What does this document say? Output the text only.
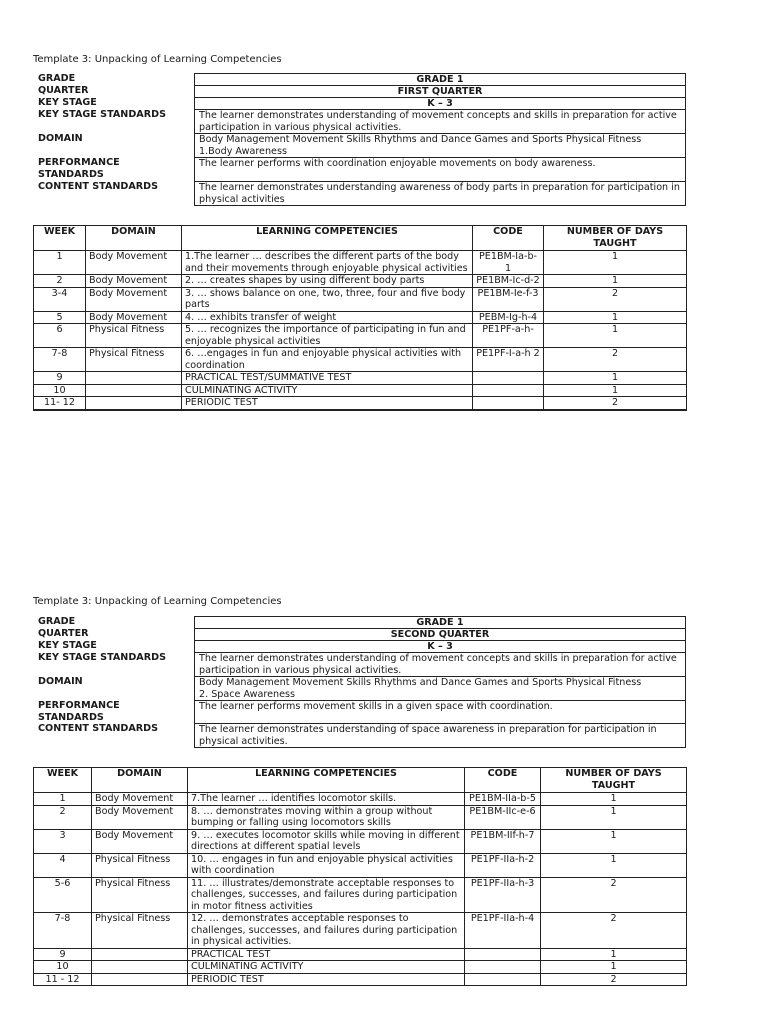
Template 3: Unpacking of Learning Competencies
GRADE	GRADE 1
QUARTER	FIRST QUARTER
KEY STAGE	K – 3
KEY STAGE STANDARDS	The learner demonstrates understanding of movement concepts and skills in preparation for active participation in various physical activities.
DOMAIN	Body Management Movement Skills Rhythms and Dance Games and Sports Physical Fitness
1.Body Awareness
PERFORMANCE
STANDARDS
The learner performs with coordination enjoyable movements on body awareness.
CONTENT STANDARDS	The learner demonstrates understanding awareness of body parts in preparation for participation in physical activities
WEEK	DOMAIN	LEARNING COMPETENCIES	CODE	NUMBER OF DAYS TAUGHT
1	Body Movement	1.The learner … describes the different parts of the body and their movements through enjoyable physical activities	PE1BM-Ia-b-1	1
2	Body Movement	2. … creates shapes by using different body parts	PE1BM-Ic-d-2	1
3-4	Body Movement	3. … shows balance on one, two, three, four and five body parts	PE1BM-Ie-f-3	2
5	Body Movement	4. … exhibits transfer of weight	PEBM-Ig-h-4	1
6	Physical Fitness	5. … recognizes the importance of participating in fun and enjoyable physical activities	PE1PF-a-h-	1
7-8	Physical Fitness	6. …engages in fun and enjoyable physical activities with coordination	PE1PF-I-a-h 2	2
9		PRACTICAL TEST/SUMMATIVE TEST		1
10		CULMINATING ACTIVITY		1
11- 12		PERIODIC TEST		2

Template 3: Unpacking of Learning Competencies
GRADE	GRADE 1
QUARTER	SECOND QUARTER
KEY STAGE	K – 3
KEY STAGE STANDARDS	The learner demonstrates understanding of movement concepts and skills in preparation for active participation in various physical activities.
DOMAIN	Body Management Movement Skills Rhythms and Dance Games and Sports Physical Fitness
2. Space Awareness
PERFORMANCE
STANDARDS
The learner performs movement skills in a given space with coordination.
CONTENT STANDARDS	The learner demonstrates understanding of space awareness in preparation for participation in physical activities.
WEEK	DOMAIN	LEARNING COMPETENCIES	CODE	NUMBER OF DAYS TAUGHT
1	Body Movement	7.The learner … identifies locomotor skills.	PE1BM-IIa-b-5	1
2	Body Movement	8. … demonstrates moving within a group without bumping or falling using locomotors skills	PE1BM-IIc-e-6	1
3	Body Movement	9. … executes locomotor skills while moving in different directions at different spatial levels	PE1BM-IIf-h-7	1
4	Physical Fitness	10. … engages in fun and enjoyable physical activities with coordination	PE1PF-IIa-h-2	1
5-6	Physical Fitness	11. … illustrates/demonstrate acceptable responses to challenges, successes, and failures during participation in motor fitness activities	PE1PF-IIa-h-3	2
7-8	Physical Fitness	12. … demonstrates acceptable responses to challenges, successes, and failures during participation in physical activities.	PE1PF-IIa-h-4	2
9		PRACTICAL TEST		1
10		CULMINATING ACTIVITY		1
11 - 12		PERIODIC TEST		2
